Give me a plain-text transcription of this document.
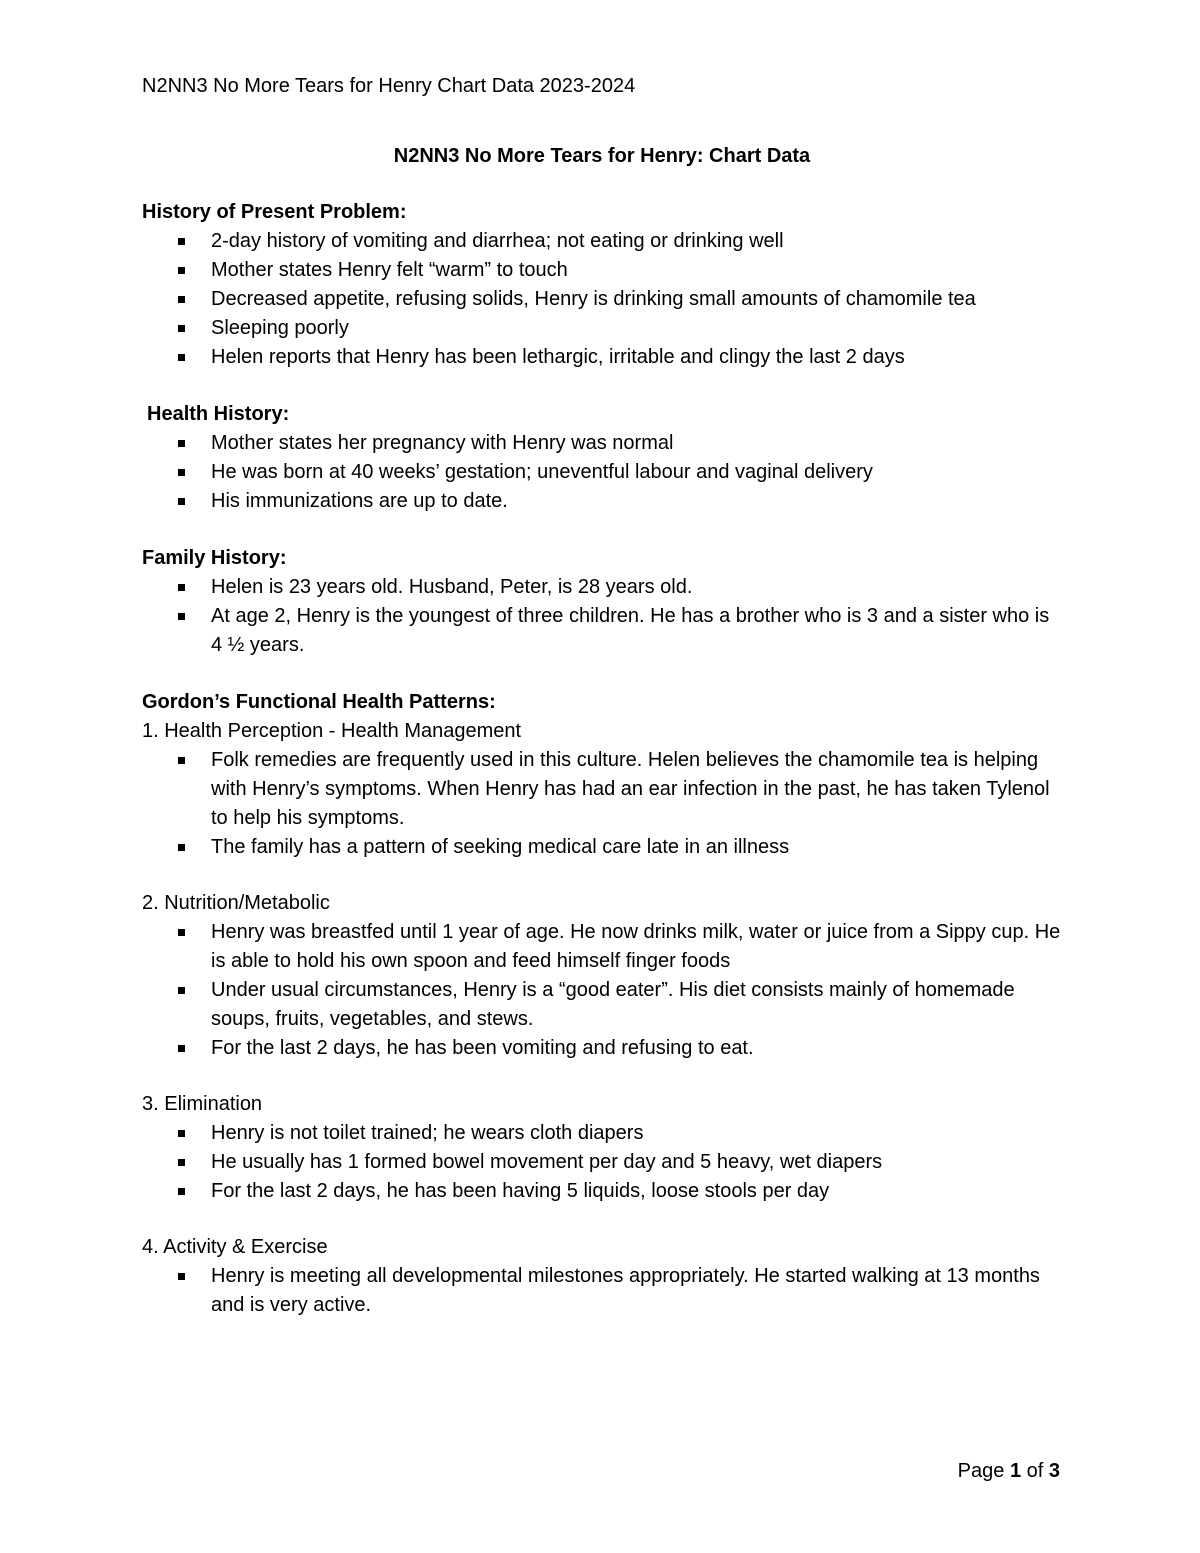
N2NN3 No More Tears for Henry Chart Data 2023-2024
N2NN3 No More Tears for Henry: Chart Data
History of Present Problem:
2-day history of vomiting and diarrhea; not eating or drinking well
Mother states Henry felt “warm” to touch
Decreased appetite, refusing solids, Henry is drinking small amounts of chamomile tea
Sleeping poorly
Helen reports that Henry has been lethargic, irritable and clingy the last 2 days
Health History:
Mother states her pregnancy with Henry was normal
He was born at 40 weeks’ gestation; uneventful labour and vaginal delivery
His immunizations are up to date.
Family History:
Helen is 23 years old. Husband, Peter, is 28 years old.
At age 2, Henry is the youngest of three children. He has a brother who is 3 and a sister who is 4 ½ years.
Gordon’s Functional Health Patterns:
1. Health Perception - Health Management
Folk remedies are frequently used in this culture. Helen believes the chamomile tea is helping with Henry’s symptoms. When Henry has had an ear infection in the past, he has taken Tylenol to help his symptoms.
The family has a pattern of seeking medical care late in an illness
2. Nutrition/Metabolic
Henry was breastfed until 1 year of age. He now drinks milk, water or juice from a Sippy cup. He is able to hold his own spoon and feed himself finger foods
Under usual circumstances, Henry is a “good eater”. His diet consists mainly of homemade soups, fruits, vegetables, and stews.
For the last 2 days, he has been vomiting and refusing to eat.
3. Elimination
Henry is not toilet trained; he wears cloth diapers
He usually has 1 formed bowel movement per day and 5 heavy, wet diapers
For the last 2 days, he has been having 5 liquids, loose stools per day
4. Activity & Exercise
Henry is meeting all developmental milestones appropriately. He started walking at 13 months and is very active.
Page 1 of 3
